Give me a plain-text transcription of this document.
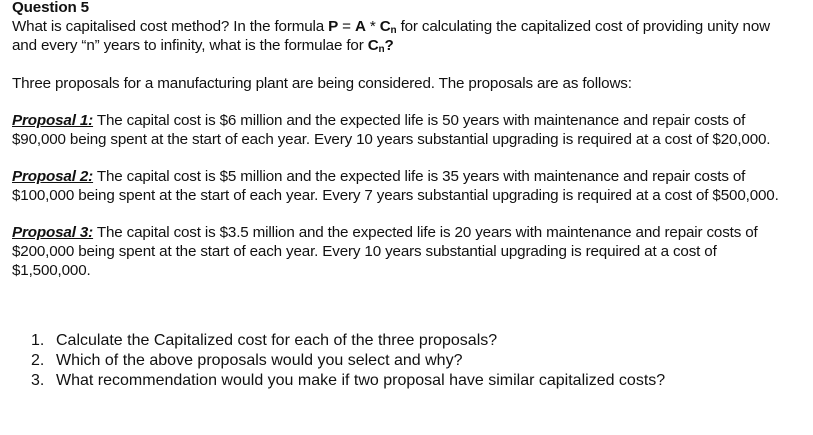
Question 5

What is capitalised cost method? In the formula $P = A * C_n$ for calculating the capitalized cost of providing unity now
and every “n” years to infinity, what is the formulae for $C_n$?

Three proposals for a manufacturing plant are being considered. The proposals are as follows:

Proposal 1: The capital cost is $6 million and the expected life is 50 years with maintenance and repair costs of
$90,000 being spent at the start of each year. Every 10 years substantial upgrading is required at a cost of $20,000.

Proposal 2: The capital cost is $5 million and the expected life is 35 years with maintenance and repair costs of
$100,000 being spent at the start of each year. Every 7 years substantial upgrading is required at a cost of $500,000.

Proposal 3: The capital cost is $3.5 million and the expected life is 20 years with maintenance and repair costs of
$200,000 being spent at the start of each year. Every 10 years substantial upgrading is required at a cost of
$1,500,000.

1. Calculate the Capitalized cost for each of the three proposals?
2. Which of the above proposals would you select and why?
3. What recommendation would you make if two proposal have similar capitalized costs?
